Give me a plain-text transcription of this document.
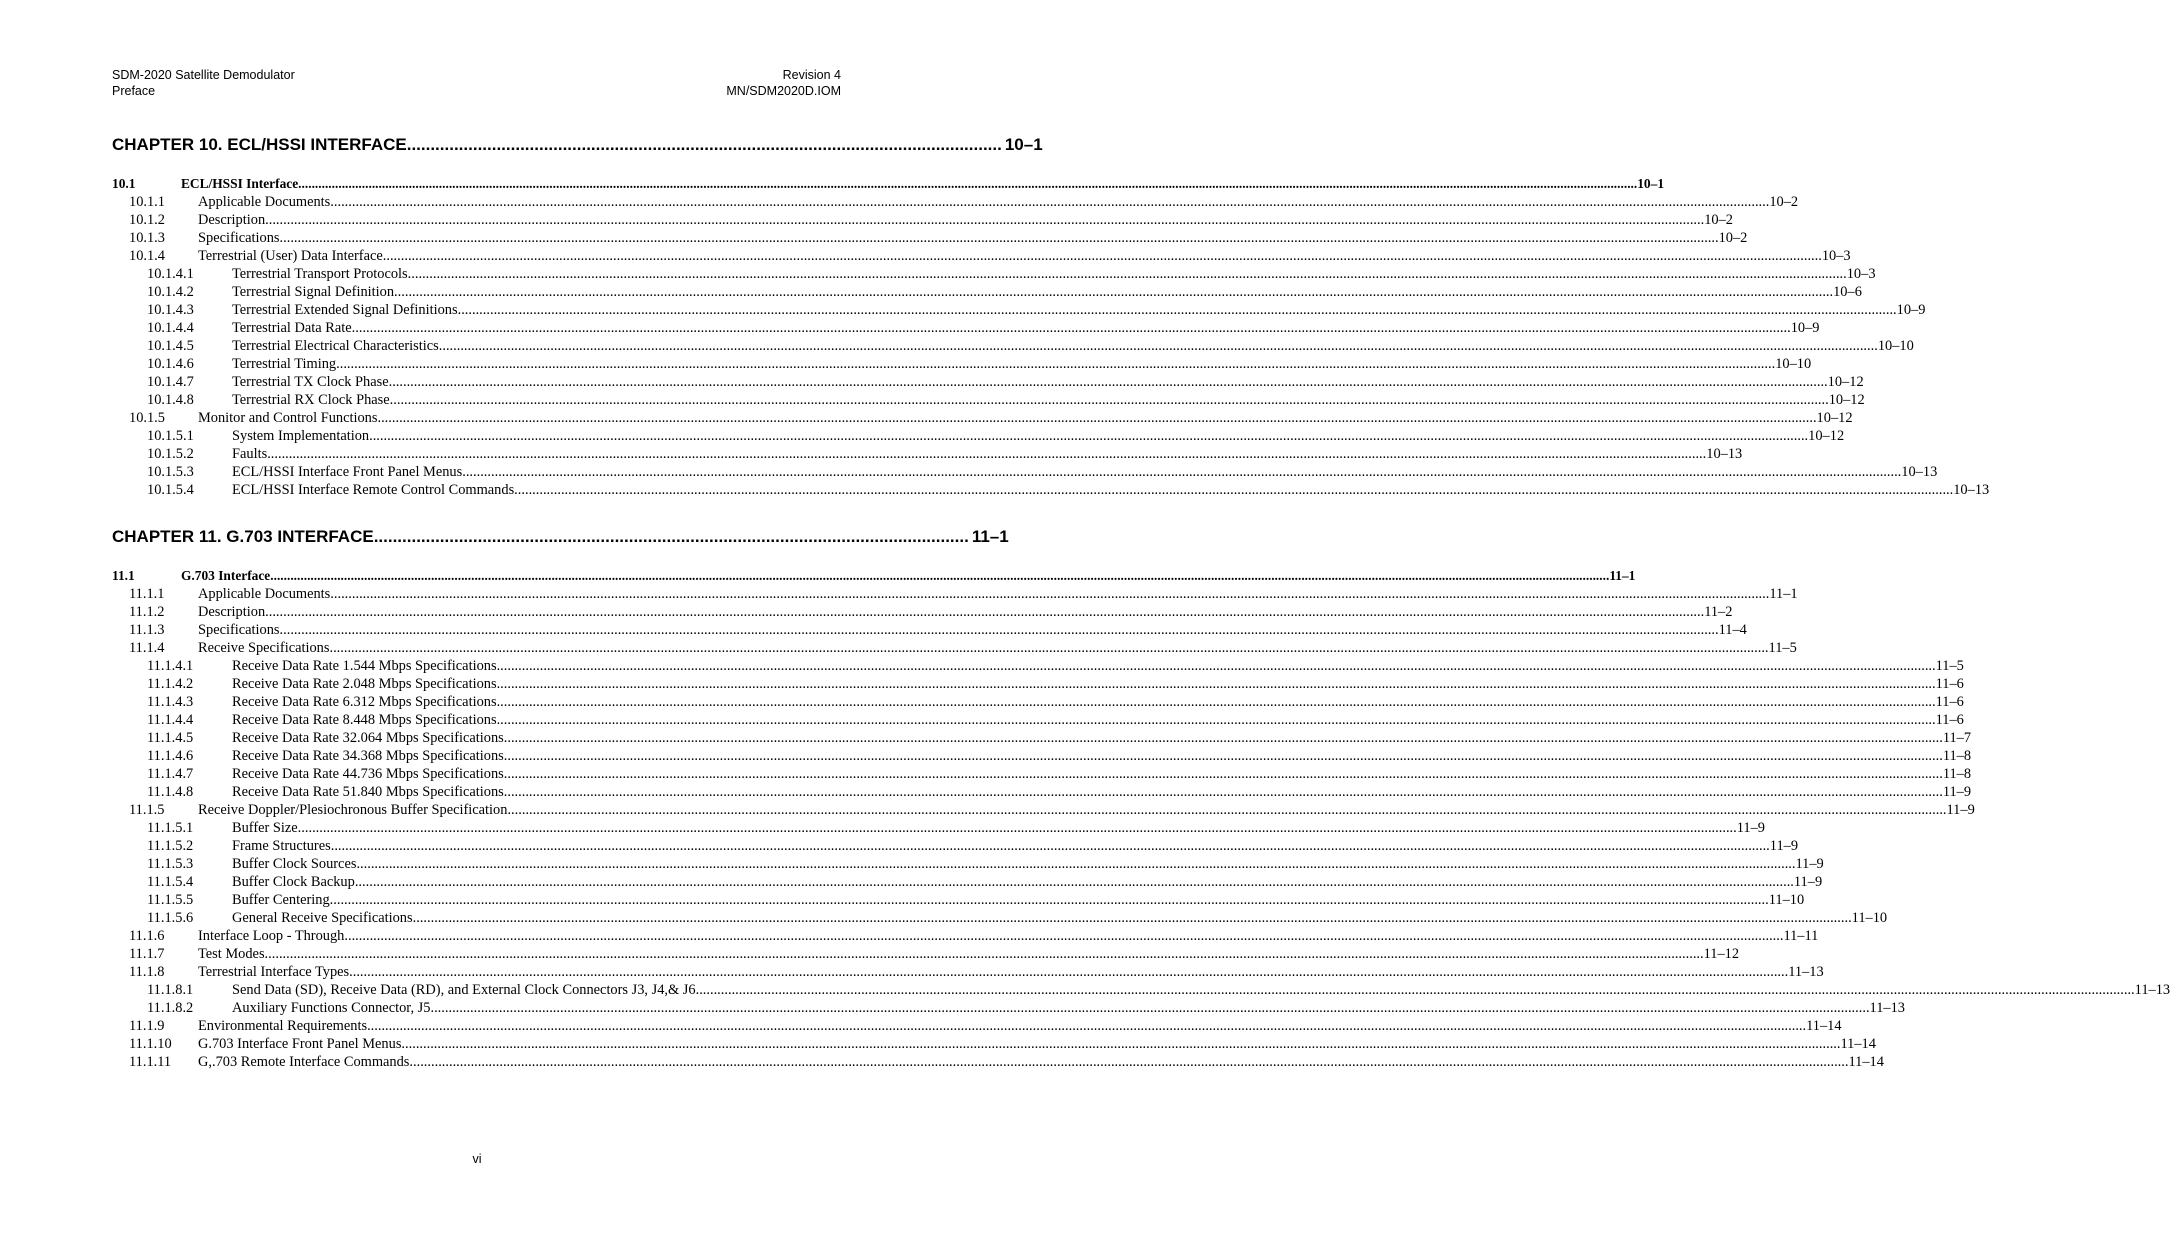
SDM-2020 Satellite Demodulator
Preface
Revision 4
MN/SDM2020D.IOM
CHAPTER 10. ECL/HSSI INTERFACE .............................................................................................................................. 10–1
10.1	ECL/HSSI Interface ................................................................................................................................................................................................................................................................................................................................................................................................................ 10–1
10.1.1	Applicable Documents ................................................................................................................................................................................................................................................................................................................................................................................................................ 10–2
10.1.2	Description ................................................................................................................................................................................................................................................................................................................................................................................................................ 10–2
10.1.3	Specifications ................................................................................................................................................................................................................................................................................................................................................................................................................ 10–2
10.1.4	Terrestrial (User) Data Interface ................................................................................................................................................................................................................................................................................................................................................................................................................ 10–3
10.1.4.1	Terrestrial Transport Protocols ................................................................................................................................................................................................................................................................................................................................................................................................................ 10–3
10.1.4.2	Terrestrial Signal Definition ................................................................................................................................................................................................................................................................................................................................................................................................................ 10–6
10.1.4.3	Terrestrial Extended Signal Definitions ................................................................................................................................................................................................................................................................................................................................................................................................................ 10–9
10.1.4.4	Terrestrial Data Rate ................................................................................................................................................................................................................................................................................................................................................................................................................ 10–9
10.1.4.5	Terrestrial Electrical Characteristics ................................................................................................................................................................................................................................................................................................................................................................................................................ 10–10
10.1.4.6	Terrestrial Timing ................................................................................................................................................................................................................................................................................................................................................................................................................ 10–10
10.1.4.7	Terrestrial TX Clock Phase ................................................................................................................................................................................................................................................................................................................................................................................................................ 10–12
10.1.4.8	Terrestrial RX Clock Phase ................................................................................................................................................................................................................................................................................................................................................................................................................ 10–12
10.1.5	Monitor and Control Functions ................................................................................................................................................................................................................................................................................................................................................................................................................ 10–12
10.1.5.1	System Implementation ................................................................................................................................................................................................................................................................................................................................................................................................................ 10–12
10.1.5.2	Faults ................................................................................................................................................................................................................................................................................................................................................................................................................ 10–13
10.1.5.3	ECL/HSSI Interface Front Panel Menus ................................................................................................................................................................................................................................................................................................................................................................................................................ 10–13
10.1.5.4	ECL/HSSI Interface Remote Control Commands ................................................................................................................................................................................................................................................................................................................................................................................................................ 10–13
CHAPTER 11. G.703 INTERFACE .............................................................................................................................. 11–1
11.1	G.703 Interface ................................................................................................................................................................................................................................................................................................................................................................................................................ 11–1
11.1.1	Applicable Documents ................................................................................................................................................................................................................................................................................................................................................................................................................ 11–1
11.1.2	Description ................................................................................................................................................................................................................................................................................................................................................................................................................ 11–2
11.1.3	Specifications ................................................................................................................................................................................................................................................................................................................................................................................................................ 11–4
11.1.4	Receive Specifications ................................................................................................................................................................................................................................................................................................................................................................................................................ 11–5
11.1.4.1	Receive Data Rate 1.544 Mbps Specifications ................................................................................................................................................................................................................................................................................................................................................................................................................ 11–5
11.1.4.2	Receive Data Rate 2.048 Mbps Specifications ................................................................................................................................................................................................................................................................................................................................................................................................................ 11–6
11.1.4.3	Receive Data Rate 6.312 Mbps Specifications ................................................................................................................................................................................................................................................................................................................................................................................................................ 11–6
11.1.4.4	Receive Data Rate 8.448 Mbps Specifications ................................................................................................................................................................................................................................................................................................................................................................................................................ 11–6
11.1.4.5	Receive Data Rate 32.064 Mbps Specifications ................................................................................................................................................................................................................................................................................................................................................................................................................ 11–7
11.1.4.6	Receive Data Rate 34.368 Mbps Specifications ................................................................................................................................................................................................................................................................................................................................................................................................................ 11–8
11.1.4.7	Receive Data Rate 44.736 Mbps Specifications ................................................................................................................................................................................................................................................................................................................................................................................................................ 11–8
11.1.4.8	Receive Data Rate 51.840 Mbps Specifications ................................................................................................................................................................................................................................................................................................................................................................................................................ 11–9
11.1.5	Receive Doppler/Plesiochronous Buffer Specification ................................................................................................................................................................................................................................................................................................................................................................................................................ 11–9
11.1.5.1	Buffer Size ................................................................................................................................................................................................................................................................................................................................................................................................................ 11–9
11.1.5.2	Frame Structures ................................................................................................................................................................................................................................................................................................................................................................................................................ 11–9
11.1.5.3	Buffer Clock Sources ................................................................................................................................................................................................................................................................................................................................................................................................................ 11–9
11.1.5.4	Buffer Clock Backup ................................................................................................................................................................................................................................................................................................................................................................................................................ 11–9
11.1.5.5	Buffer Centering ................................................................................................................................................................................................................................................................................................................................................................................................................ 11–10
11.1.5.6	General Receive Specifications ................................................................................................................................................................................................................................................................................................................................................................................................................ 11–10
11.1.6	Interface Loop - Through ................................................................................................................................................................................................................................................................................................................................................................................................................ 11–11
11.1.7	Test Modes ................................................................................................................................................................................................................................................................................................................................................................................................................ 11–12
11.1.8	Terrestrial Interface Types ................................................................................................................................................................................................................................................................................................................................................................................................................ 11–13
11.1.8.1	Send Data (SD), Receive Data (RD), and External Clock Connectors J3, J4,& J6 ................................................................................................................................................................................................................................................................................................................................................................................................................ 11–13
11.1.8.2	Auxiliary Functions Connector, J5 ................................................................................................................................................................................................................................................................................................................................................................................................................ 11–13
11.1.9	Environmental Requirements ................................................................................................................................................................................................................................................................................................................................................................................................................ 11–14
11.1.10	G.703 Interface Front Panel Menus ................................................................................................................................................................................................................................................................................................................................................................................................................ 11–14
11.1.11	G,.703 Remote Interface Commands ................................................................................................................................................................................................................................................................................................................................................................................................................ 11–14
vi
